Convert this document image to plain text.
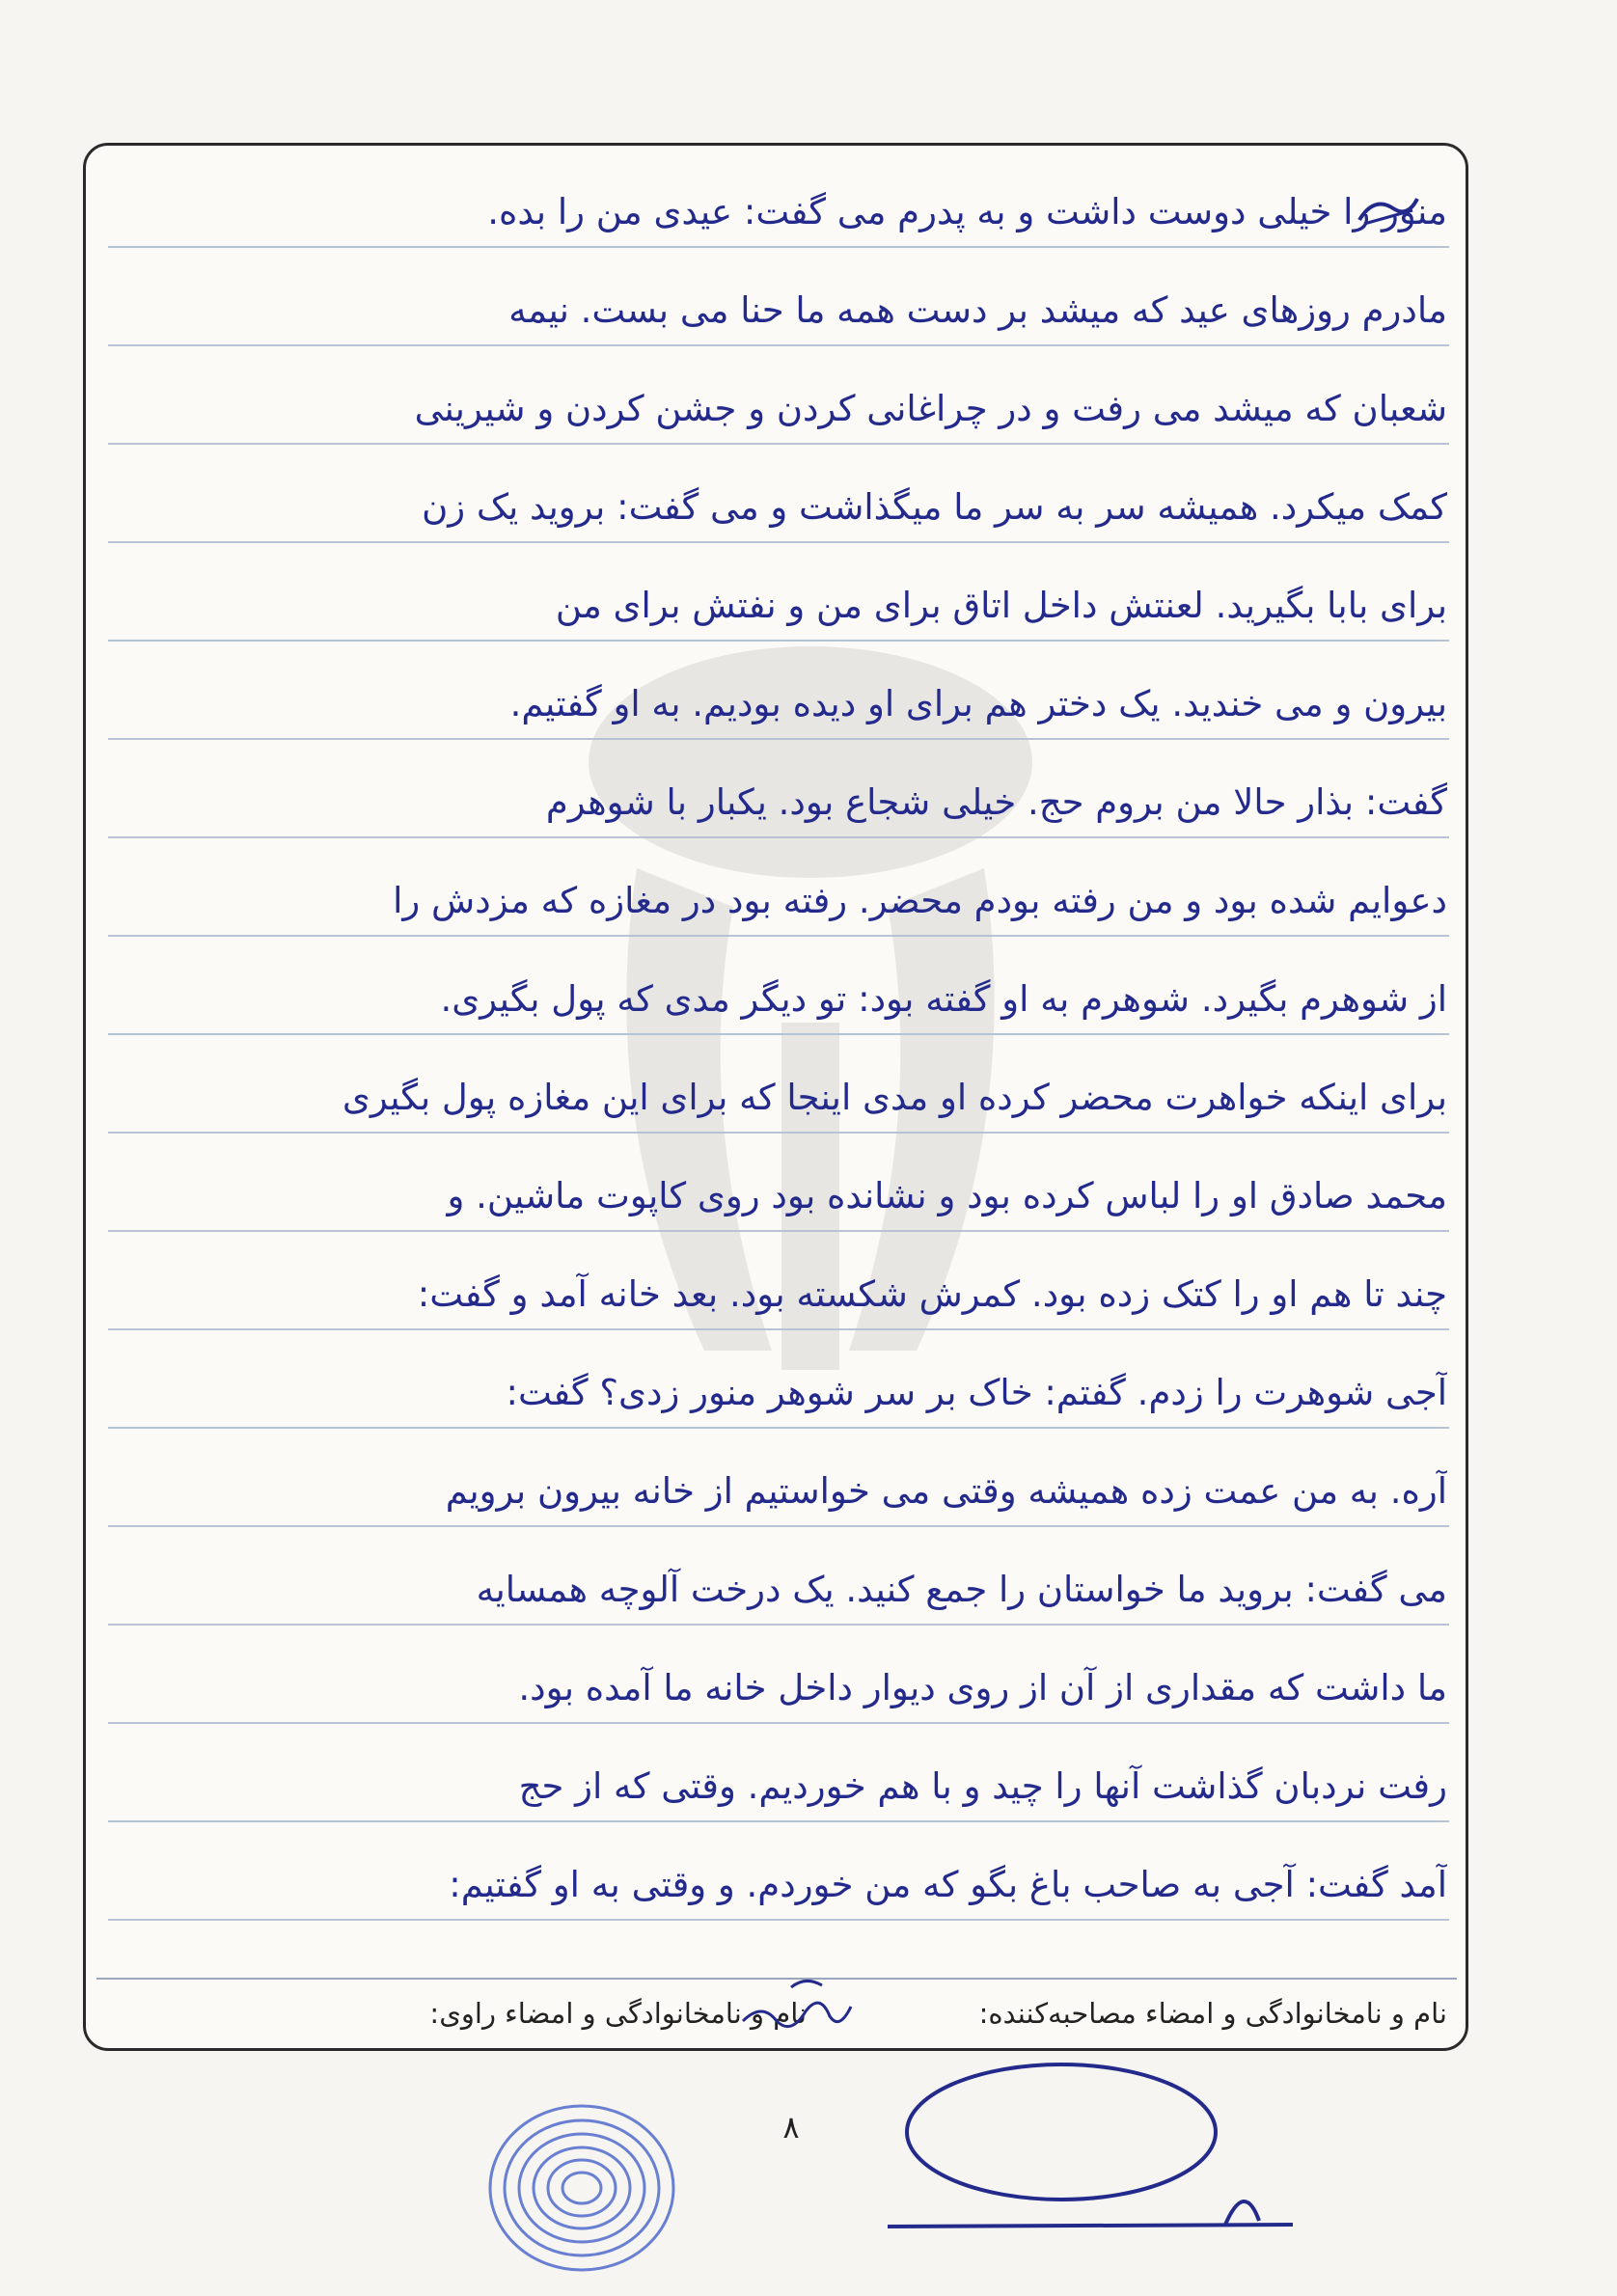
منور را خیلی دوست داشت و به پدرم می گفت: عیدی من را بده.
مادرم روزهای عید که میشد بر دست همه ما حنا می بست. نیمه
شعبان که میشد می رفت و در چراغانی کردن و جشن کردن و شیرینی
کمک میکرد. همیشه سر به سر ما میگذاشت و می گفت: بروید یک زن
برای بابا بگیرید. لعنتش داخل اتاق برای من و نفتش برای من
بیرون و می خندید. یک دختر هم برای او دیده بودیم. به او گفتیم.
گفت: بذار حالا من بروم حج. خیلی شجاع بود. یکبار با شوهرم
دعوایم شده بود و من رفته بودم محضر. رفته بود در مغازه که مزدش را
از شوهرم بگیرد. شوهرم به او گفته بود: تو دیگر مدی که پول بگیری.
برای اینکه خواهرت محضر کرده او مدی اینجا که برای این مغازه پول بگیری
محمد صادق او را لباس کرده بود و نشانده بود روی کاپوت ماشین. و
چند تا هم او را کتک زده بود. کمرش شکسته بود. بعد خانه آمد و گفت:
آجی شوهرت را زدم. گفتم: خاک بر سر شوهر منور زدی؟ گفت:
آره. به من عمت زده همیشه وقتی می خواستیم از خانه بیرون برویم
می گفت: بروید ما خواستان را جمع کنید. یک درخت آلوچه همسایه
ما داشت که مقداری از آن از روی دیوار داخل خانه ما آمده بود.
رفت نردبان گذاشت آنها را چید و با هم خوردیم. وقتی که از حج
آمد گفت: آجی به صاحب باغ بگو که من خوردم. و وقتی به او گفتیم:
نام و نامخانوادگی و امضاء مصاحبه‌کننده:  نام و نامخانوادگی و امضاء راوی:
۸
